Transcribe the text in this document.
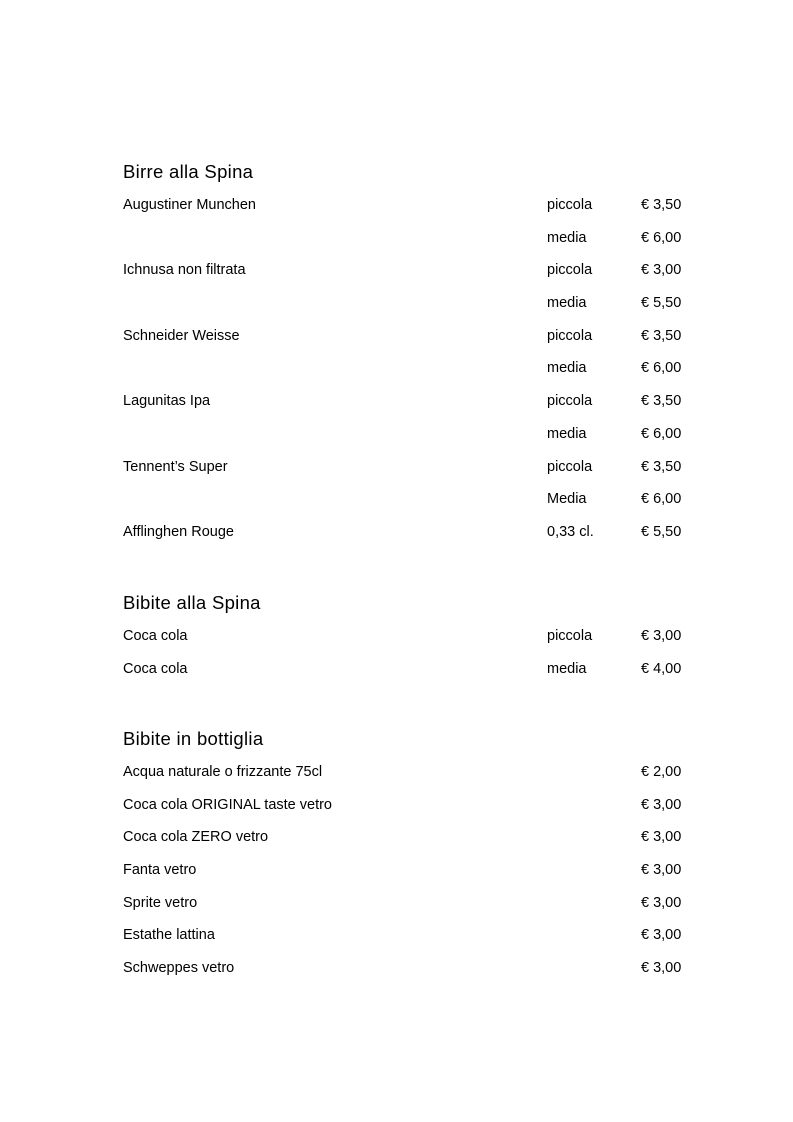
Birre alla Spina
Augustiner Munchen	piccola	€ 3,50
media	€ 6,00
Ichnusa non filtrata	piccola	€ 3,00
media	€ 5,50
Schneider Weisse	piccola	€ 3,50
media	€ 6,00
Lagunitas Ipa	piccola	€ 3,50
media	€ 6,00
Tennent’s Super	piccola	€ 3,50
Media	€ 6,00
Afflinghen Rouge	0,33 cl.	€ 5,50
Bibite alla Spina
Coca cola	piccola	€ 3,00
Coca cola	media	€ 4,00
Bibite in bottiglia
Acqua naturale o frizzante 75cl	€ 2,00
Coca cola ORIGINAL taste vetro	€ 3,00
Coca cola ZERO vetro	€ 3,00
Fanta vetro	€ 3,00
Sprite vetro	€ 3,00
Estathe lattina	€ 3,00
Schweppes vetro	€ 3,00
